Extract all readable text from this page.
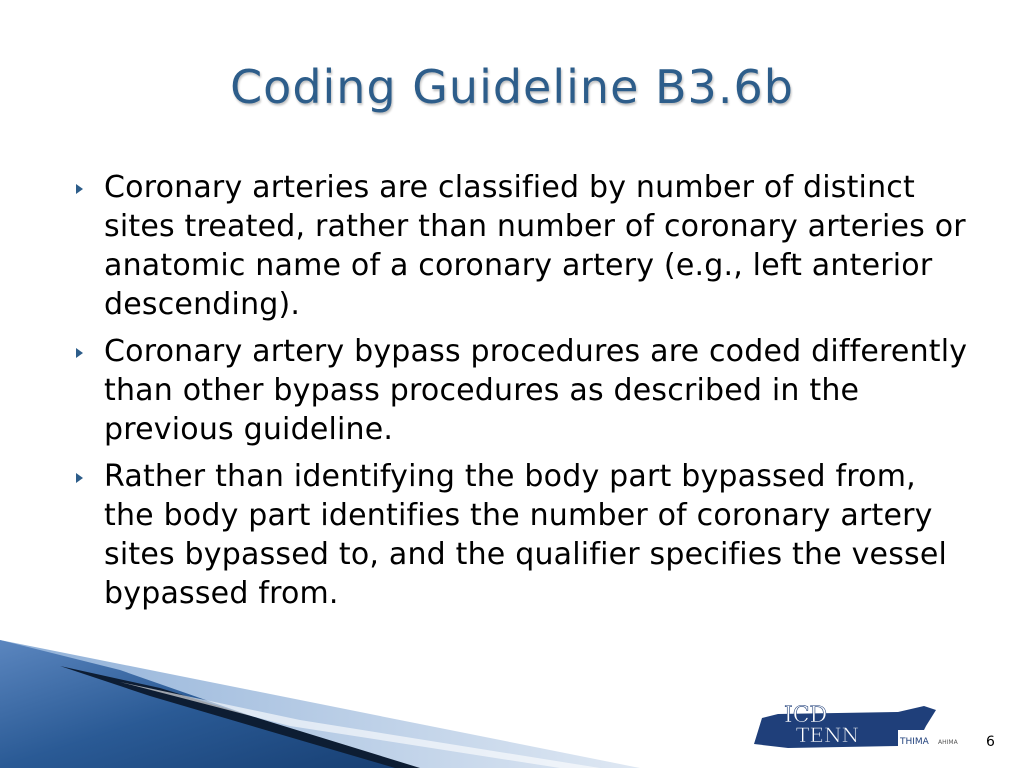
Coding Guideline B3.6b
Coronary arteries are classified by number of distinct sites treated, rather than number of coronary arteries or anatomic name of a coronary artery (e.g., left anterior descending).
Coronary artery bypass procedures are coded differently than other bypass procedures as described in the previous guideline.
Rather than identifying the body part bypassed from, the body part identifies the number of coronary artery sites bypassed to, and the qualifier specifies the vessel bypassed from.
ICD
TENN	THIMA AHIMA 6
